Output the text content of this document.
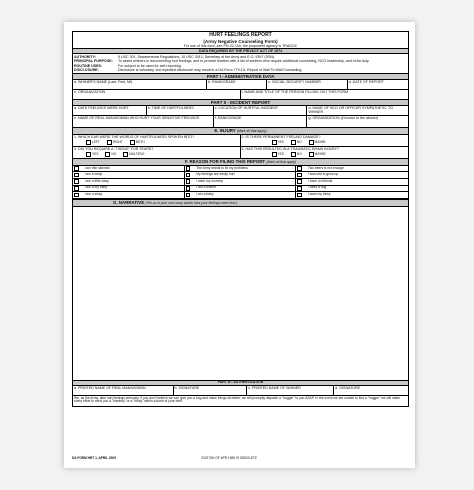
HURT FEELINGS REPORT
(Army Negative Counseling Form)
For use of this form, see FM 22-100; the proponent agency is TRADOC
DATA REQUIRED BY THE PRIVACY ACT OF 1974
AUTHORITY:	5 USC 301, Departmental Regulations; 10 USC 3013, Secretary of the Army and E.O. 9397 (SSN)
PRINCIPAL PURPOSE:	To assist whiners in documenting hurt feelings, and to provide leaders with a list of soldiers who require additional counseling, NCO leadership, and extra duty.
ROUTINE USES:	For subject to be used for self-reporting.
DISCLOSURE:	Disclosure is voluntary, but repeated disclosure may result in a DA Form 779-1A, Report of Wall To Wall Counseling.
PART I - ADMINISTRATIVE DATA
a. WHINER'S NAME (Last, First, MI)	b. RANK/GRADE	c. SOCIAL SECURITY NUMBER	d. DATE OF REPORT
e. ORGANIZATION	f. NAME AND TITLE OF THE PERSON FILLING OUT THIS FORM
PART II - INCIDENT REPORT
a. DATE FEELINGS WERE HURT	b. TIME OF HURTFULNESS	c. LOCATION OF HURTFUL INCIDENT	d. NAME OF NCO OR OFFICER SYMPATHETIC TO WHINER
e. NAME OF REAL MAN/WOMAN WHO HURT YOUR SENSITIVE FEELINGS	f. RANK/GRADE	g. ORGANIZATION (if known to the abuser)
E. INJURY (Mark all that apply)
1. WHICH EAR WERE THE WORDS OF HURTFULNESS SPOKEN INTO?
LEFT	RIGHT	BOTH
2. IS THERE PERMANENT FEELING DAMAGE?
YES	NO	MAYBE
3. DID YOU REQUIRE A "TISSUE" FOR TEARS?
YES	NO	MULTIPLE
4. HAS THIS RESULTED IN A TRAUMATIC BRAIN INJURY?
YES	NO	MAYBE
F. REASON FOR FILING THIS REPORT (Mark all that apply)
I am thin skinned	The Army needs to fix my problems	Two beers is not enough
I am a wimp	My feelings are easily hurt	I was told to grow up
I am a little sissy	I want my mommy	I have no friends
I am a cry baby	I am a whiner	I need a hug
I am a sissy	I am a baby	I want my binky
G. NARRATIVE (Tell us in your own sissy words how your feelings were hurt.)
PART III - AUTHENTICATION
a. PRINTED NAME OF REAL MAN/WOMAN	b. SIGNATURE	c. PRINTED NAME OF WHINER	d. SIGNATURE
We, as the Army, take hurt feelings seriously. If you don't believe we can give you a hug and make things all better, we will promptly dispatch a "hugger" to you ASAP. In the event we are unable to find a "hugger" we will make every effort to send you a "blankey" or a "binky" within a burst of your brief.
DA FORM HRT 1, APRIL 2009	EDITION OF APR 1989 IS OBSOLETE
